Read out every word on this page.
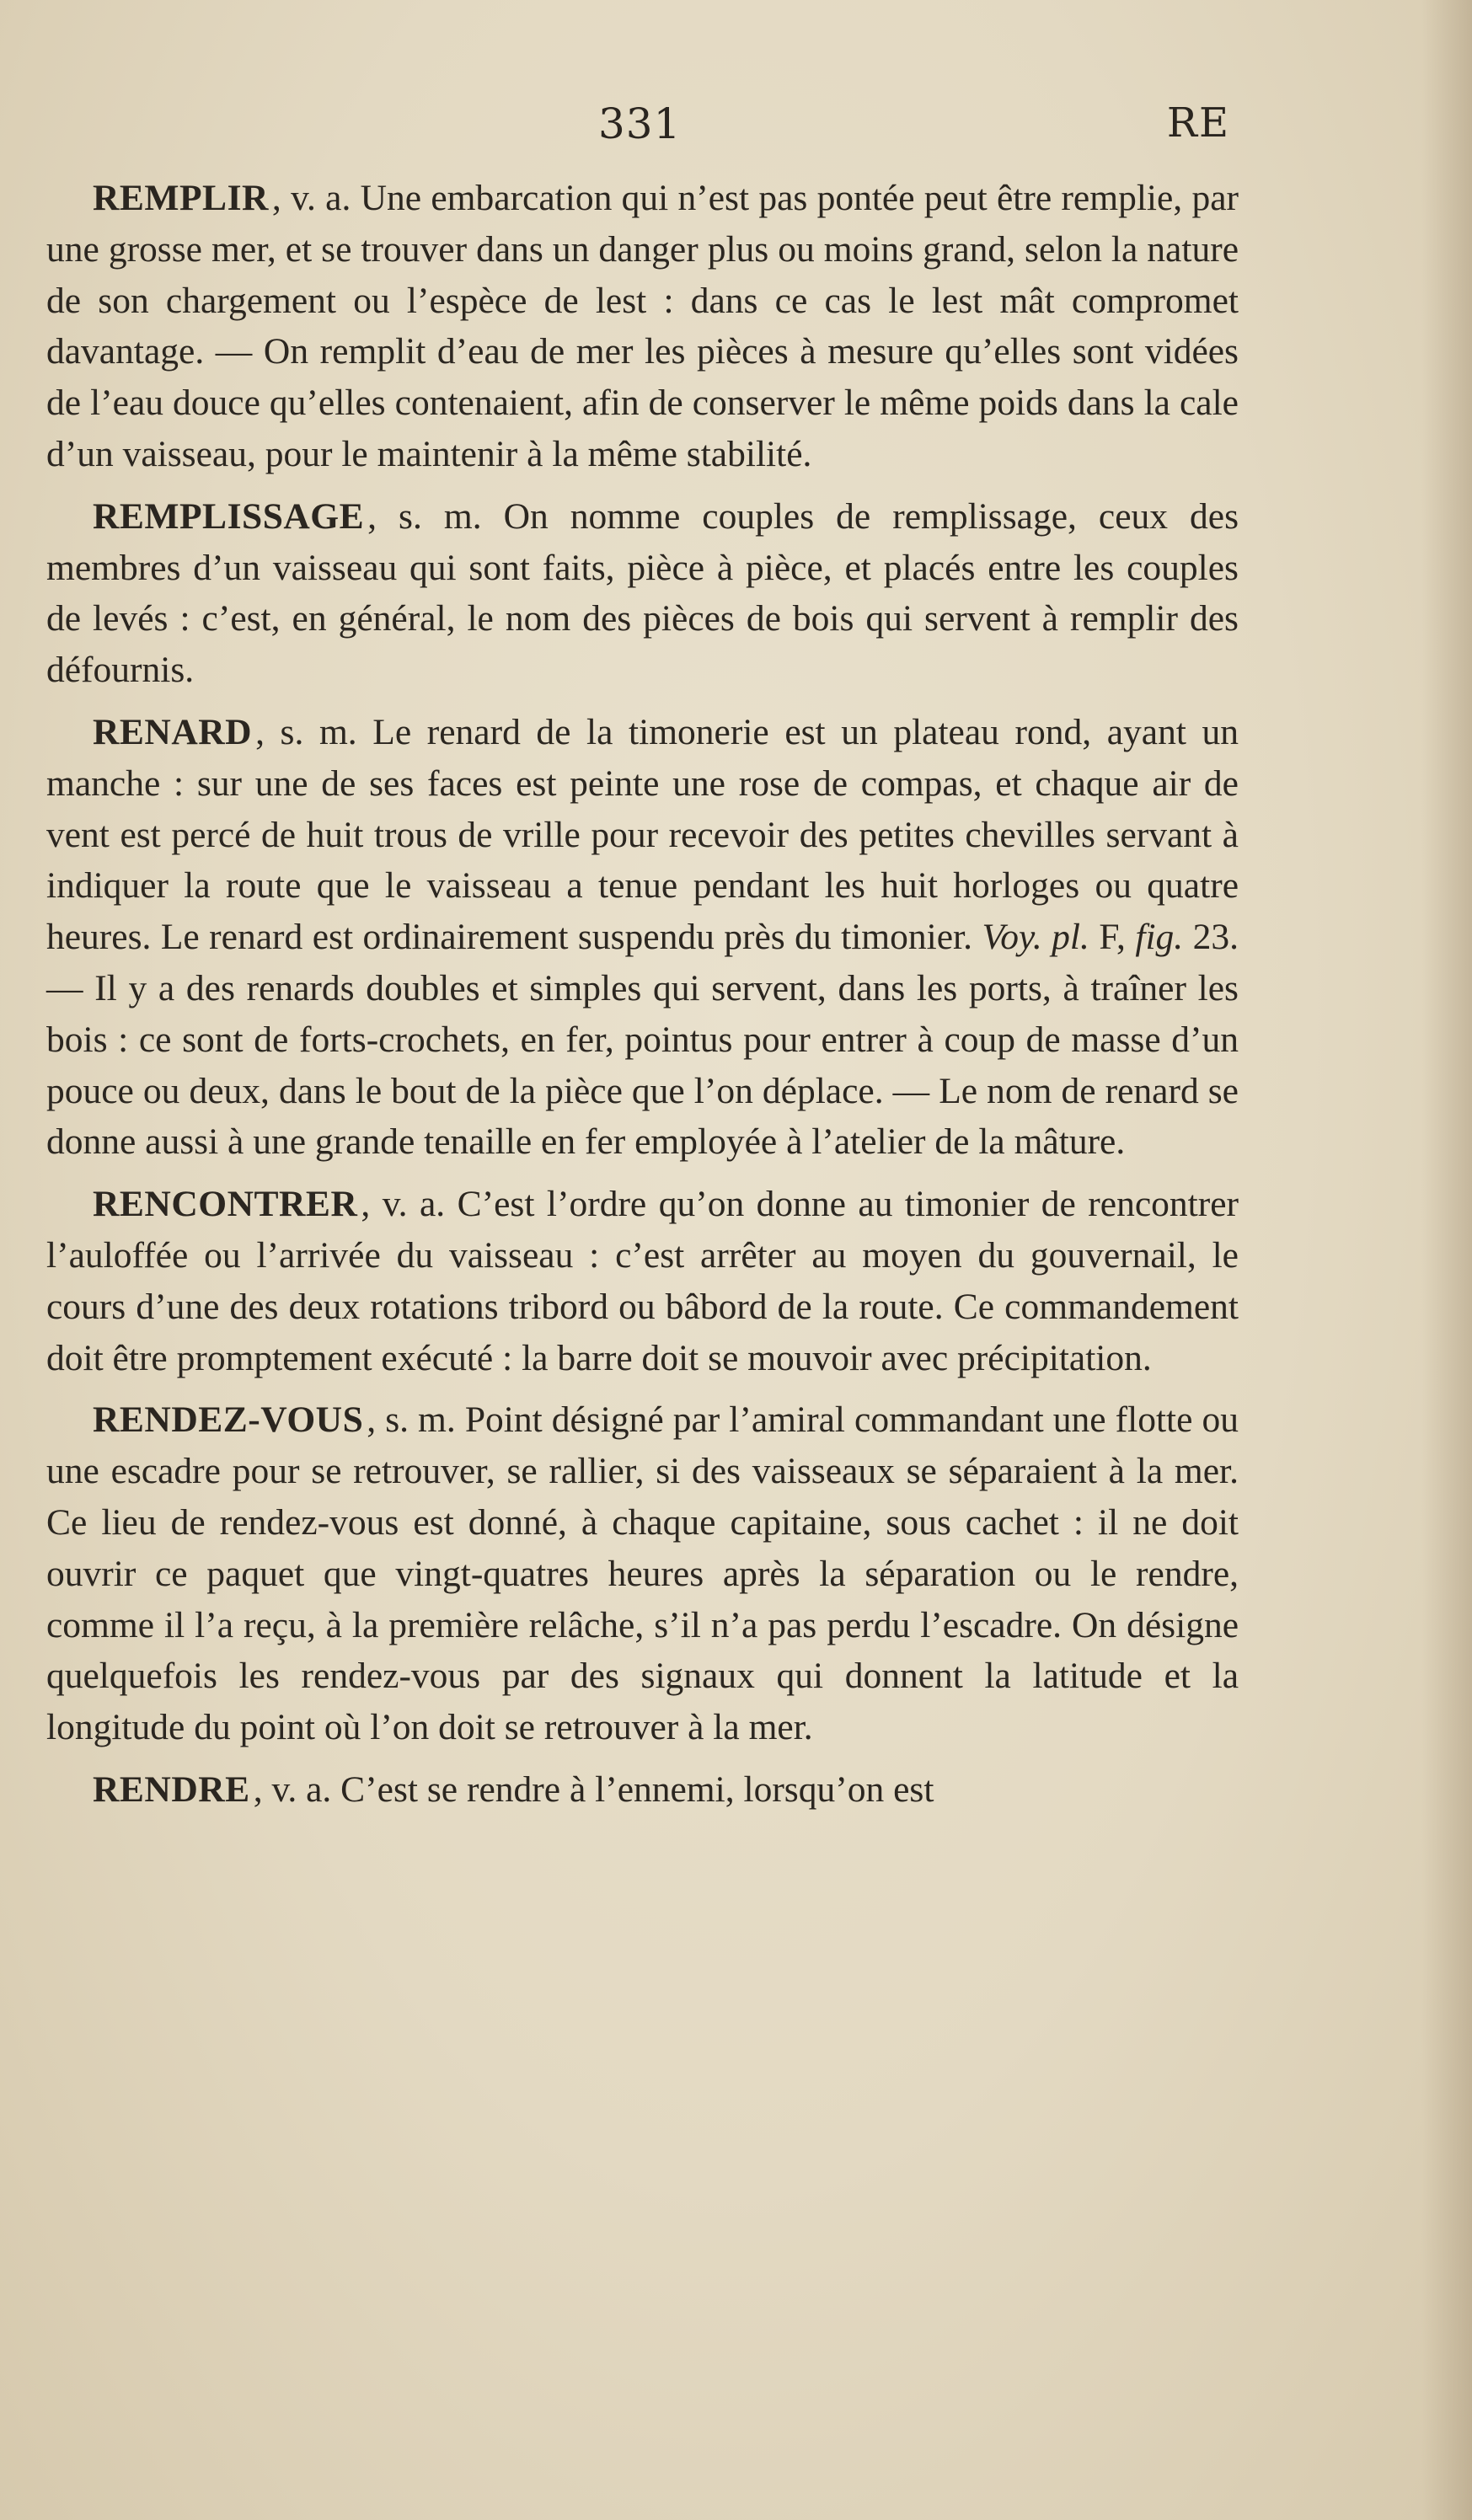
331	RE

REMPLIR, v. a. Une embarcation qui n’est pas pontée peut être remplie, par une grosse mer, et se trouver dans un danger plus ou moins grand, selon la nature de son chargement ou l’espèce de lest : dans ce cas le lest mât compromet davantage. — On remplit d’eau de mer les pièces à mesure qu’elles sont vidées de l’eau douce qu’elles contenaient, afin de conserver le même poids dans la cale d’un vaisseau, pour le maintenir à la même stabilité.

REMPLISSAGE, s. m. On nomme couples de remplissage, ceux des membres d’un vaisseau qui sont faits, pièce à pièce, et placés entre les couples de levés : c’est, en général, le nom des pièces de bois qui servent à remplir des défournis.

RENARD, s. m. Le renard de la timonerie est un plateau rond, ayant un manche : sur une de ses faces est peinte une rose de compas, et chaque air de vent est percé de huit trous de vrille pour recevoir des petites chevilles servant à indiquer la route que le vaisseau a tenue pendant les huit horloges ou quatre heures. Le renard est ordinairement suspendu près du timonier. Voy. pl. F, fig. 23. — Il y a des renards doubles et simples qui servent, dans les ports, à traîner les bois : ce sont de forts-crochets, en fer, pointus pour entrer à coup de masse d’un pouce ou deux, dans le bout de la pièce que l’on déplace. — Le nom de renard se donne aussi à une grande tenaille en fer employée à l’atelier de la mâture.

RENCONTRER, v. a. C’est l’ordre qu’on donne au timonier de rencontrer l’auloffée ou l’arrivée du vaisseau : c’est arrêter au moyen du gouvernail, le cours d’une des deux rotations tribord ou bâbord de la route. Ce commandement doit être promptement exécuté : la barre doit se mouvoir avec précipitation.

RENDEZ-VOUS, s. m. Point désigné par l’amiral commandant une flotte ou une escadre pour se retrouver, se rallier, si des vaisseaux se séparaient à la mer. Ce lieu de rendez-vous est donné, à chaque capitaine, sous cachet : il ne doit ouvrir ce paquet que vingt-quatres heures après la séparation ou le rendre, comme il l’a reçu, à la première relâche, s’il n’a pas perdu l’escadre. On désigne quelquefois les rendez-vous par des signaux qui donnent la latitude et la longitude du point où l’on doit se retrouver à la mer.

RENDRE, v. a. C’est se rendre à l’ennemi, lorsqu’on est
